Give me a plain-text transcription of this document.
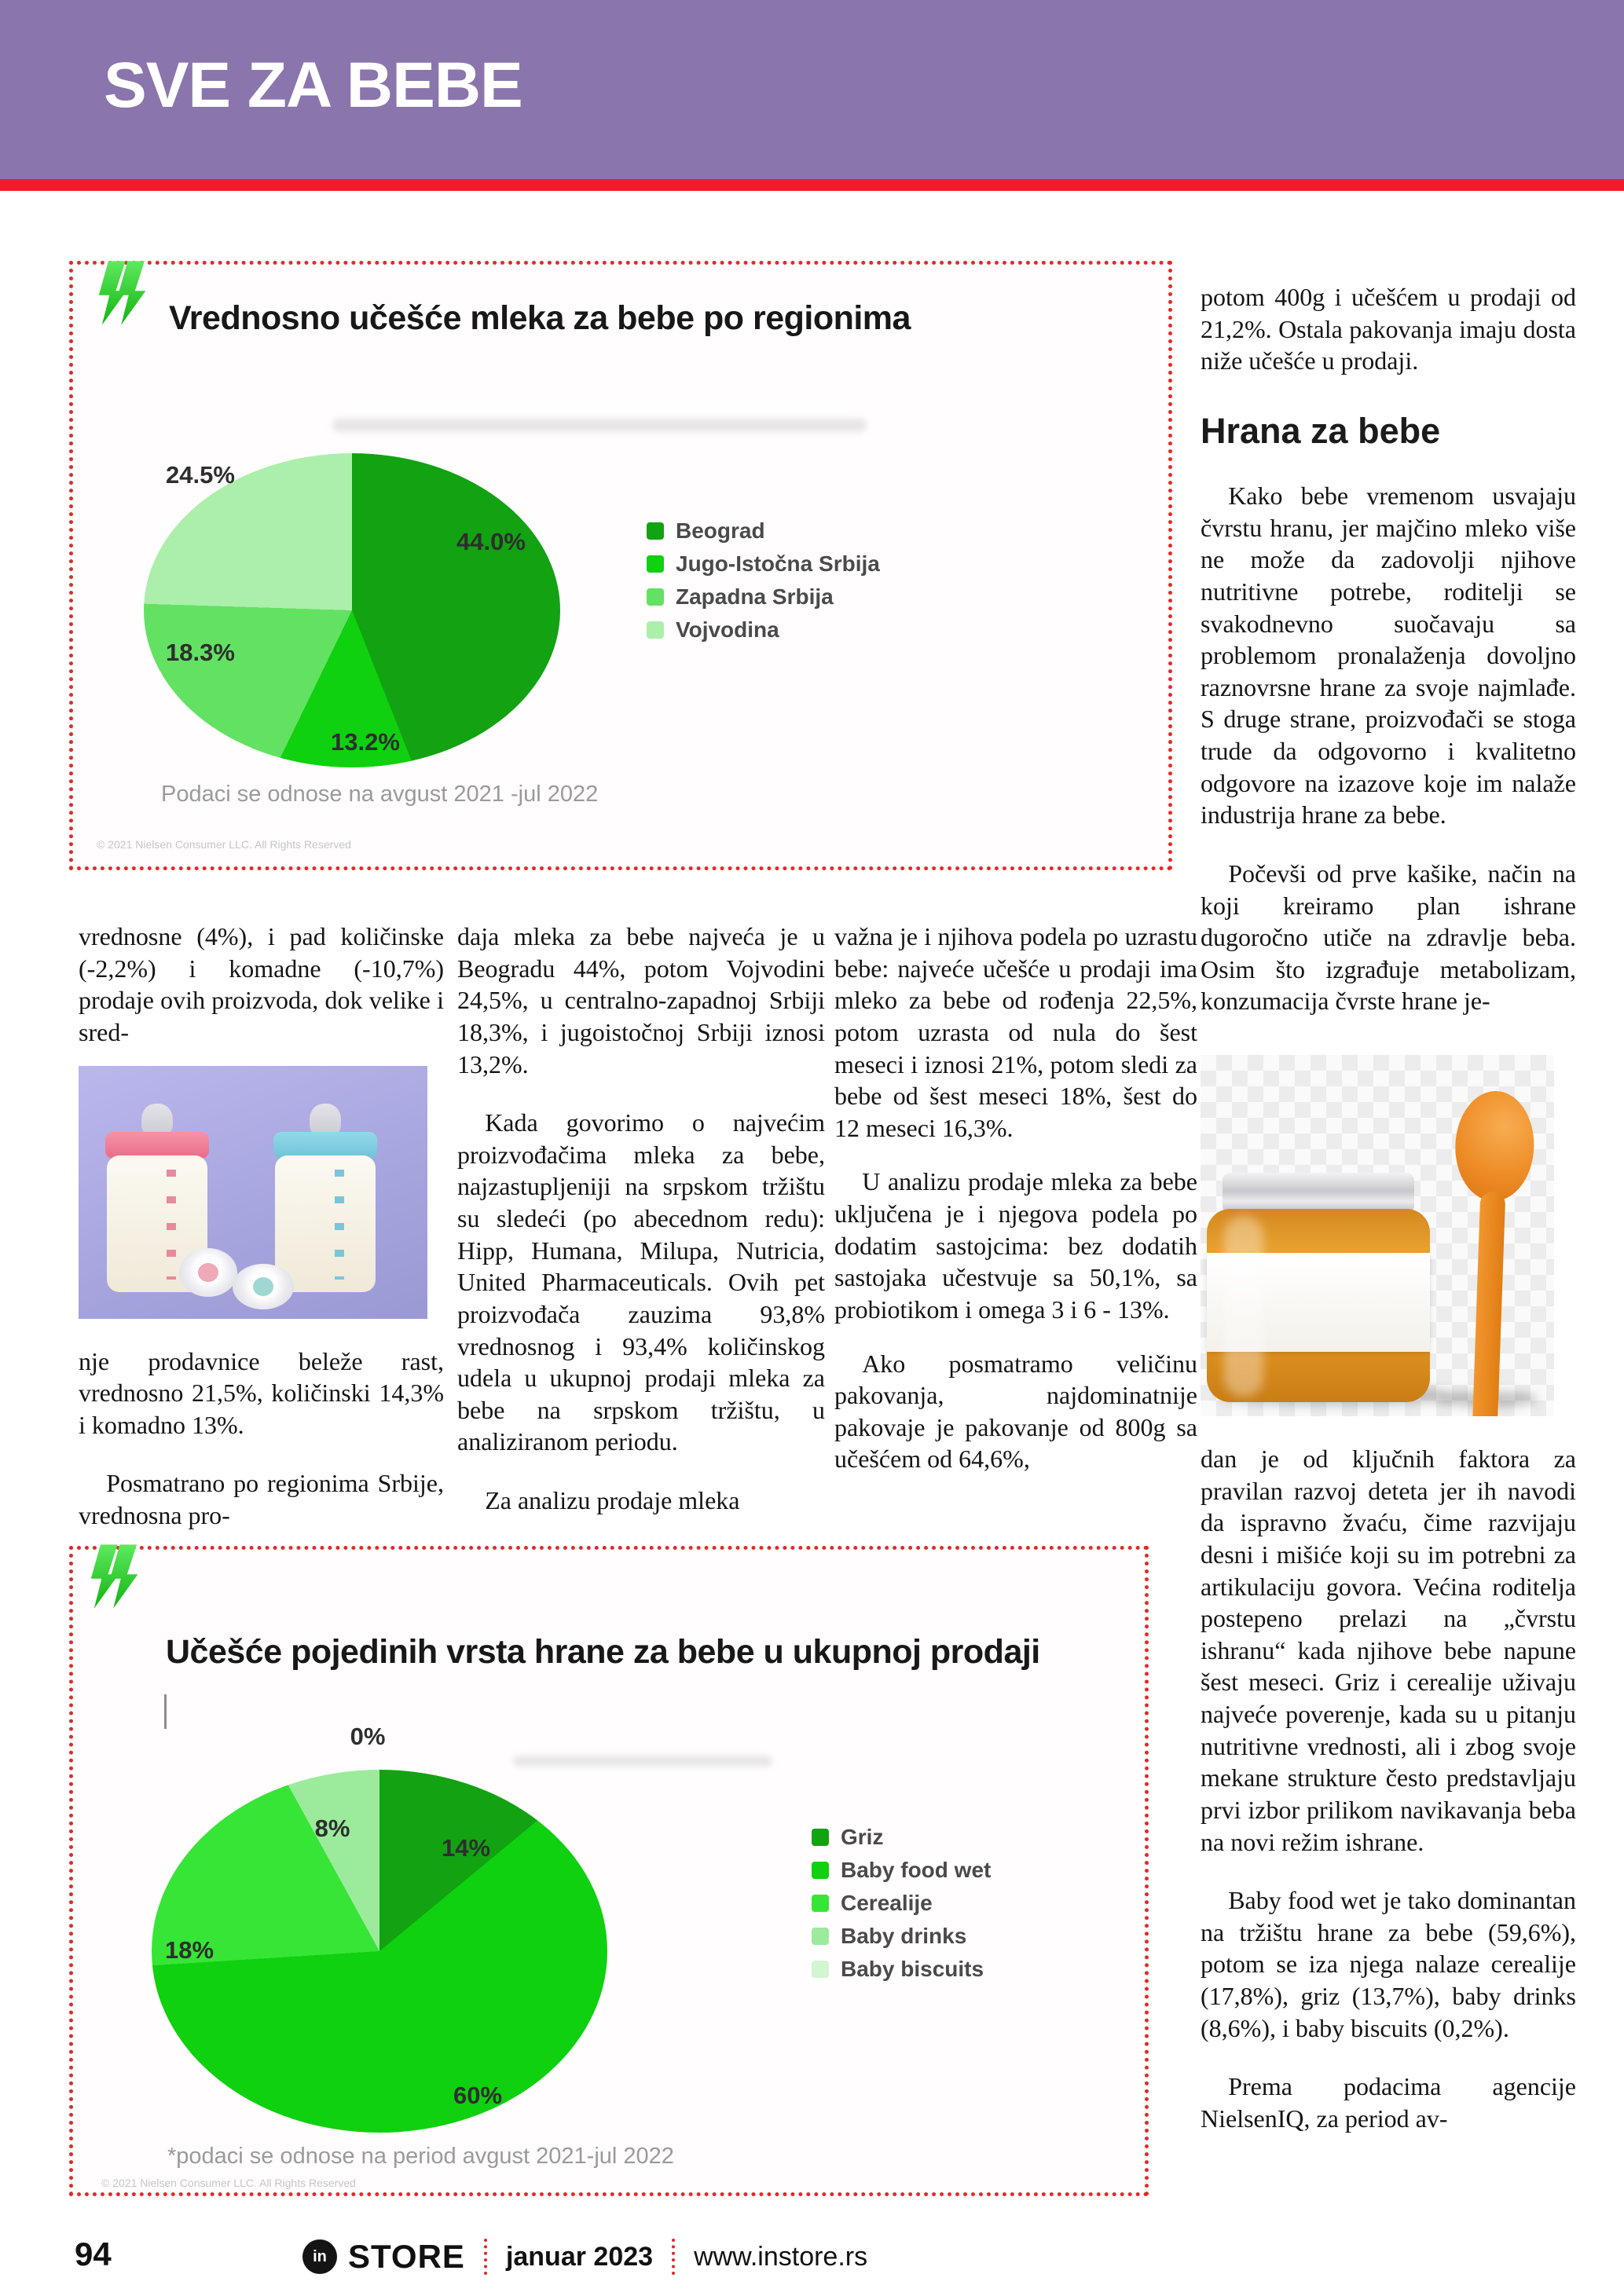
SVE ZA BEBE
Vrednosno učešće mleka za bebe po regionima
44.0%
13.2%
18.3%
24.5%
Beograd
Jugo-Istočna Srbija
Zapadna Srbija
Vojvodina
Podaci se odnose na avgust 2021 -jul 2022
© 2021 Nielsen Consumer LLC. All Rights Reserved

vrednosne (4%), i pad količinske (-2,2%) i komadne (-10,7%) prodaje ovih proizvoda, dok velike i sred-

nje prodavnice beleže rast, vrednosno 21,5%, količinski 14,3% i komadno 13%.

Posmatrano po regionima Srbije, vrednosna pro-

daja mleka za bebe najveća je u Beogradu 44%, potom Vojvodini 24,5%, u centralno-zapadnoj Srbiji 18,3%, i jugoistočnoj Srbiji iznosi 13,2%.

Kada govorimo o najvećim proizvođačima mleka za bebe, najzastupljeniji na srpskom tržištu su sledeći (po abecednom redu): Hipp, Humana, Milupa, Nutricia, United Pharmaceuticals. Ovih pet proizvođača zauzima 93,8% vrednosnog i 93,4% količinskog udela u ukupnoj prodaji mleka za bebe na srpskom tržištu, u analiziranom periodu.

Za analizu prodaje mleka

važna je i njihova podela po uzrastu bebe: najveće učešće u prodaji ima mleko za bebe od rođenja 22,5%, potom uzrasta od nula do šest meseci i iznosi 21%, potom sledi za bebe od šest meseci 18%, šest do 12 meseci 16,3%.

U analizu prodaje mleka za bebe uključena je i njegova podela po dodatim sastojcima: bez dodatih sastojaka učestvuje sa 50,1%, sa probiotikom i omega 3 i 6 - 13%.

Ako posmatramo veličinu pakovanja, najdominatnije pakovaje je pakovanje od 800g sa učešćem od 64,6%,

potom 400g i učešćem u prodaji od 21,2%. Ostala pakovanja imaju dosta niže učešće u prodaji.

Hrana za bebe

Kako bebe vremenom usvajaju čvrstu hranu, jer majčino mleko više ne može da zadovolji njihove nutritivne potrebe, roditelji se svakodnevno suočavaju sa problemom pronalaženja dovoljno raznovrsne hrane za svoje najmlađe. S druge strane, proizvođači se stoga trude da odgovorno i kvalitetno odgovore na izazove koje im nalaže industrija hrane za bebe.

Počevši od prve kašike, način na koji kreiramo plan ishrane dugoročno utiče na zdravlje beba. Osim što izgrađuje metabolizam, konzumacija čvrste hrane je-

dan je od ključnih faktora za pravilan razvoj deteta jer ih navodi da ispravno žvaću, čime razvijaju desni i mišiće koji su im potrebni za artikulaciju govora. Većina roditelja postepeno prelazi na „čvrstu ishranu“ kada njihove bebe napune šest meseci. Griz i cerealije uživaju najveće poverenje, kada su u pitanju nutritivne vrednosti, ali i zbog svoje mekane strukture često predstavljaju prvi izbor prilikom navikavanja beba na novi režim ishrane.

Baby food wet je tako dominantan na tržištu hrane za bebe (59,6%), potom se iza njega nalaze cerealije (17,8%), griz (13,7%), baby drinks (8,6%), i baby biscuits (0,2%).

Prema podacima agencije NielsenIQ, za period av-

Učešće pojedinih vrsta hrane za bebe u ukupnoj prodaji
14%
60%
18%
8%
0%
Griz
Baby food wet
Cerealije
Baby drinks
Baby biscuits
*podaci se odnose na period avgust 2021-jul 2022
© 2021 Nielsen Consumer LLC. All Rights Reserved
94	in STORE januar 2023 www.instore.rs
